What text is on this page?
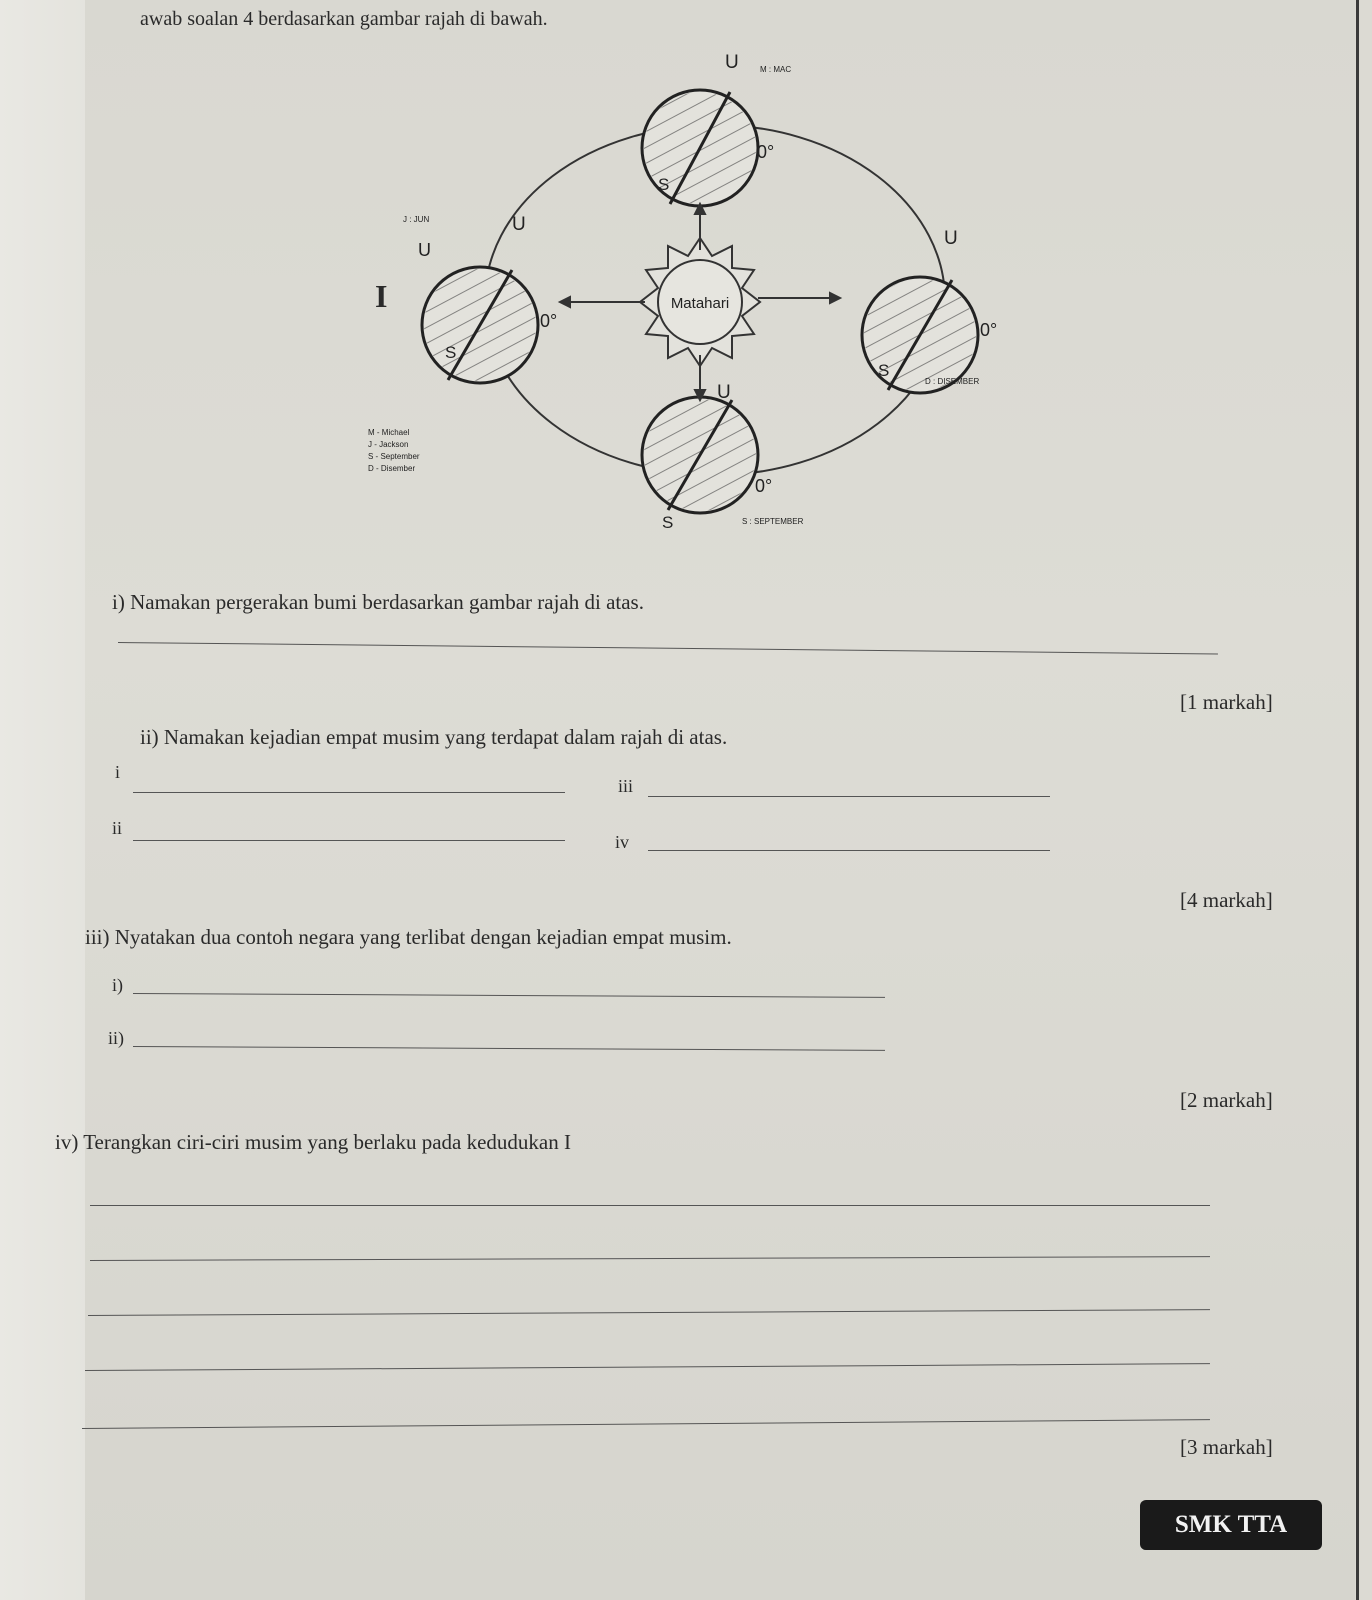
awab soalan 4 berdasarkan gambar rajah di bawah.
Matahari
U	M : MAC
0°
S
J : JUN	U
U
0°
S
U
0°
S
D : DISEMBER
U
0°
S	S : SEPTEMBER
M - Michael
J - Jackson
S - September
D - Disember
I
i) Namakan pergerakan bumi berdasarkan gambar rajah di atas.
[1 markah]
ii) Namakan kejadian empat musim yang terdapat dalam rajah di atas.
i
iii
ii
iv
[4 markah]
iii) Nyatakan dua contoh negara yang terlibat dengan kejadian empat musim.
i)
ii)
[2 markah]
iv) Terangkan ciri-ciri musim yang berlaku pada kedudukan I
[3 markah]
SMK TTA
